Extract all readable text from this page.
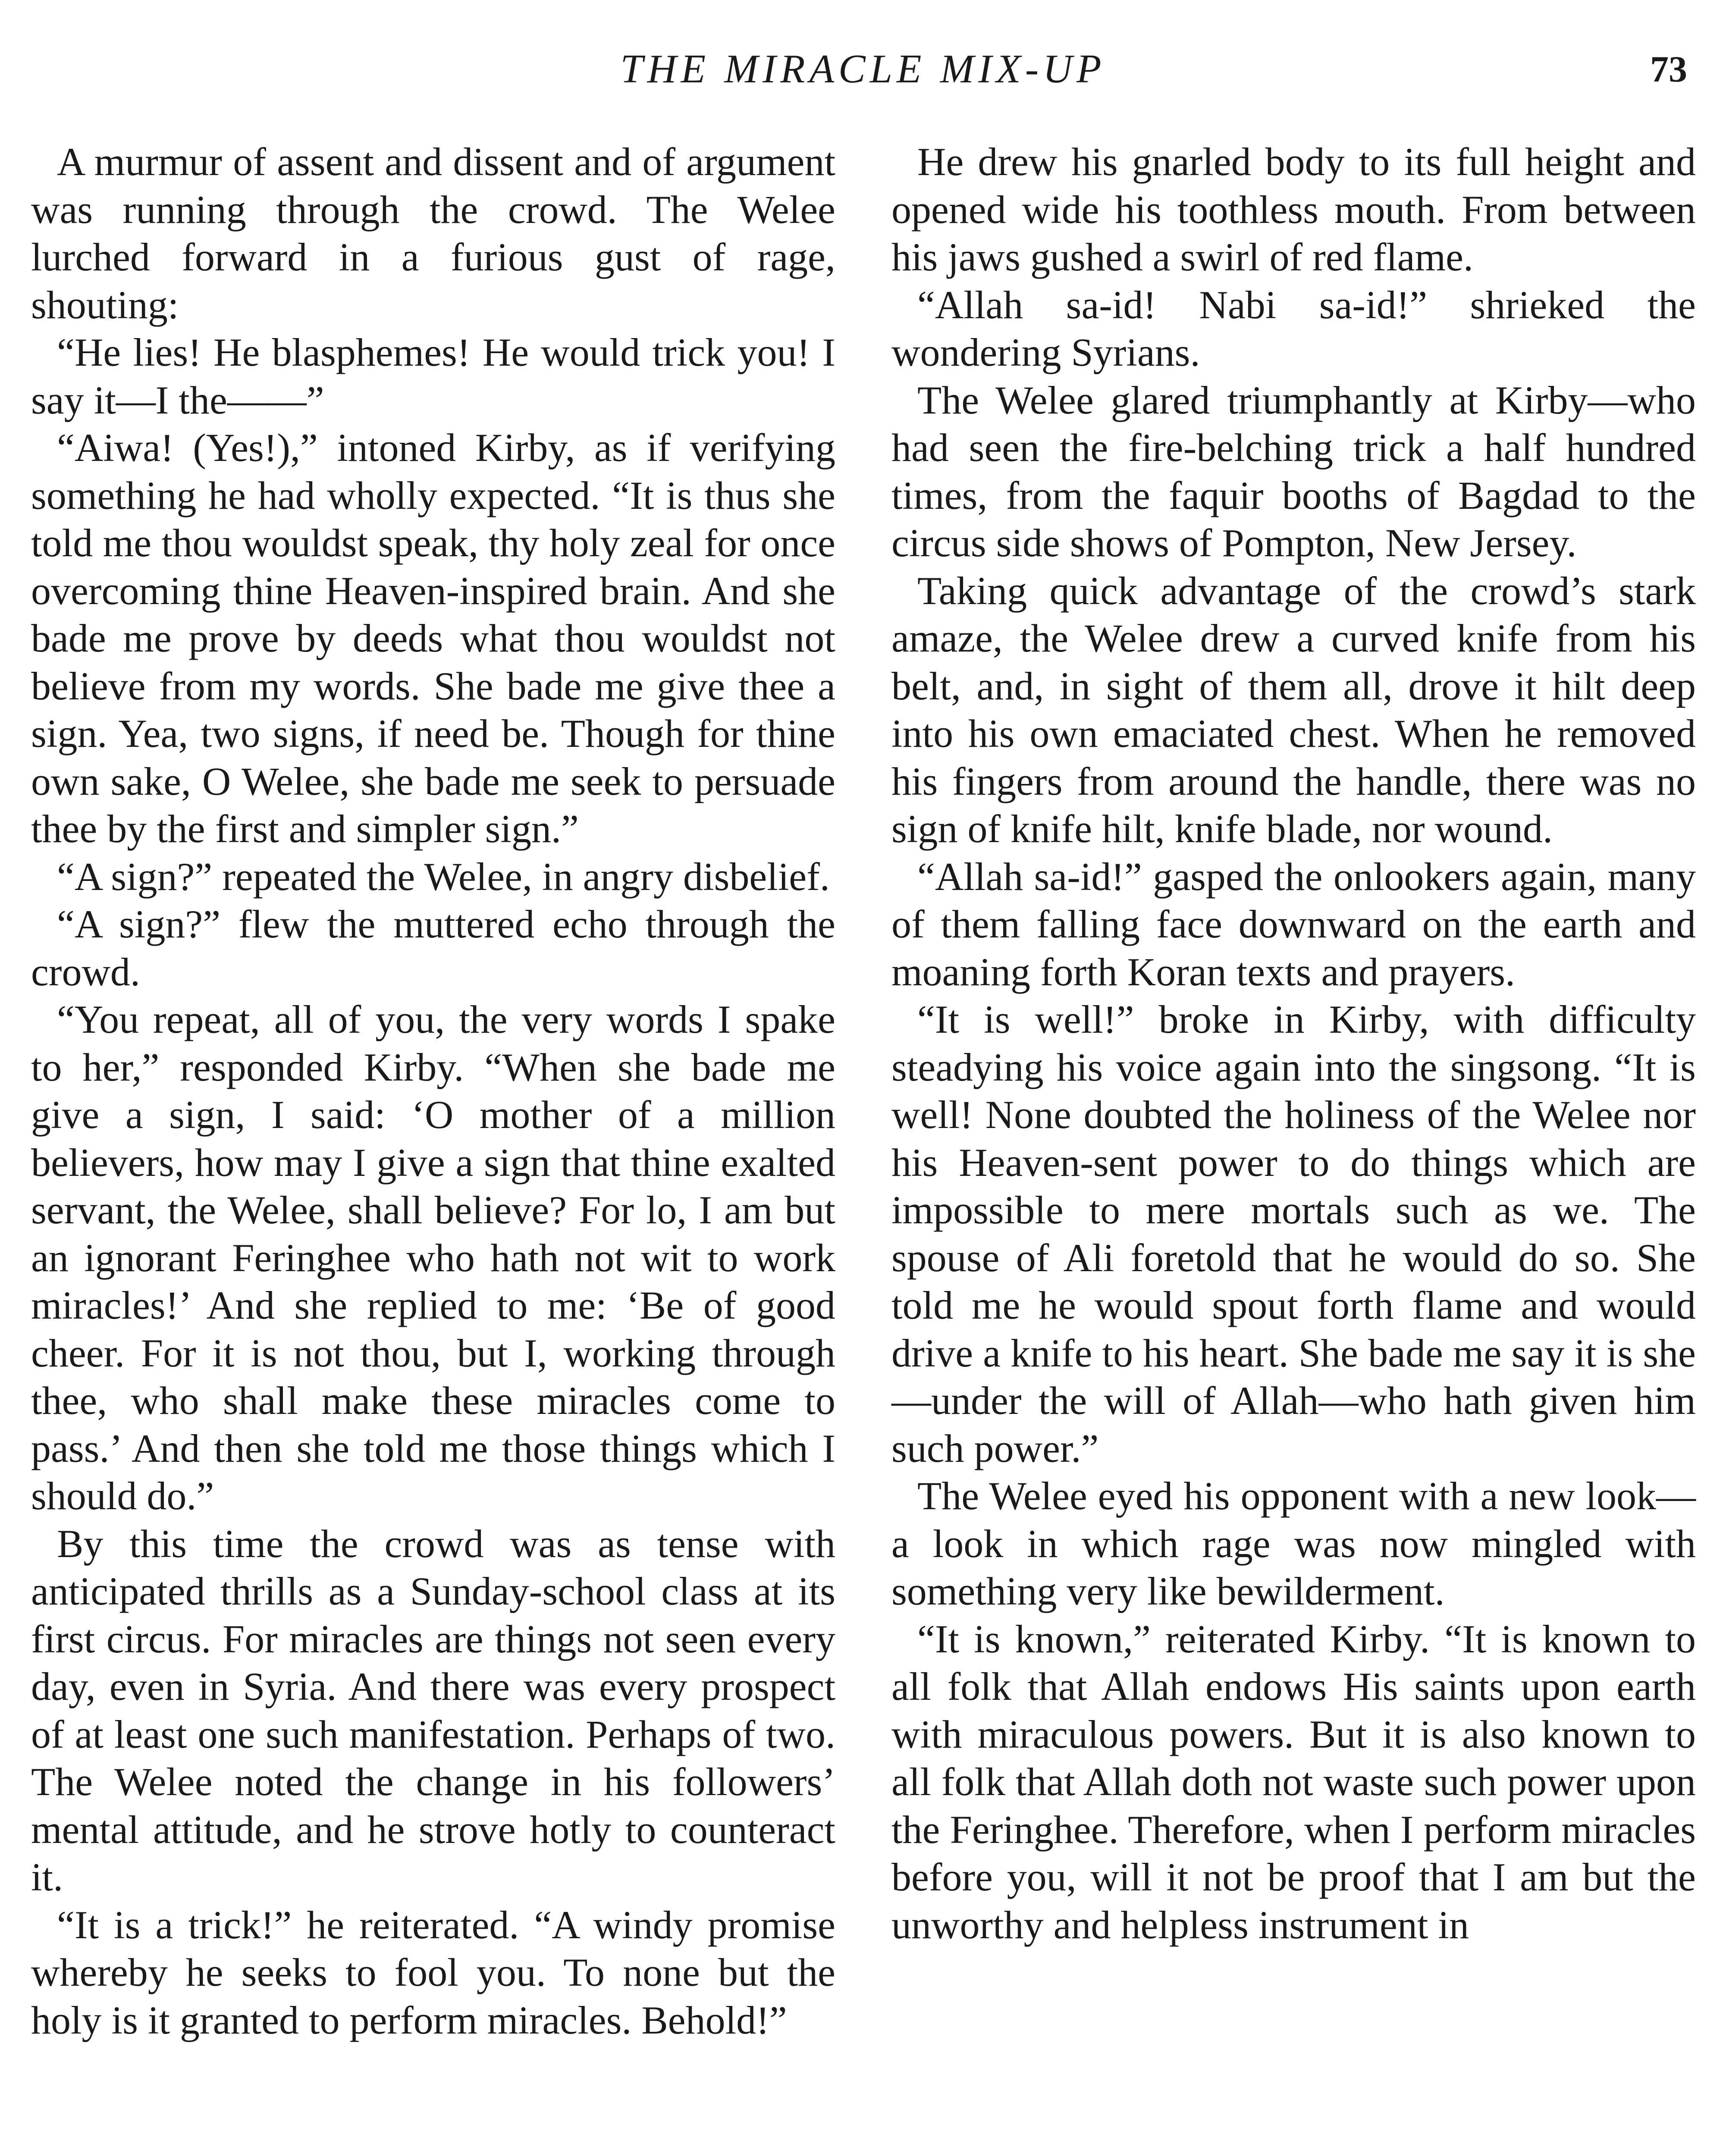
THE MIRACLE MIX-UP	73

A murmur of assent and dissent and of argument was running through the crowd. The Welee lurched forward in a furious gust of rage, shouting:

“He lies! He blasphemes! He would trick you! I say it—I the——”

“Aiwa! (Yes!),” intoned Kirby, as if verifying something he had wholly expected. “It is thus she told me thou wouldst speak, thy holy zeal for once overcoming thine Heaven-inspired brain. And she bade me prove by deeds what thou wouldst not believe from my words. She bade me give thee a sign. Yea, two signs, if need be. Though for thine own sake, O Welee, she bade me seek to persuade thee by the first and simpler sign.”

“A sign?” repeated the Welee, in angry disbelief.

“A sign?” flew the muttered echo through the crowd.

“You repeat, all of you, the very words I spake to her,” responded Kirby. “When she bade me give a sign, I said: ‘O mother of a million believers, how may I give a sign that thine exalted servant, the Welee, shall believe? For lo, I am but an ignorant Feringhee who hath not wit to work miracles!’ And she replied to me: ‘Be of good cheer. For it is not thou, but I, working through thee, who shall make these miracles come to pass.’ And then she told me those things which I should do.”

By this time the crowd was as tense with anticipated thrills as a Sunday-school class at its first circus. For miracles are things not seen every day, even in Syria. And there was every prospect of at least one such manifestation. Perhaps of two. The Welee noted the change in his followers’ mental attitude, and he strove hotly to counteract it.

“It is a trick!” he reiterated. “A windy promise whereby he seeks to fool you. To none but the holy is it granted to perform miracles. Behold!”

He drew his gnarled body to its full height and opened wide his toothless mouth. From between his jaws gushed a swirl of red flame.

“Allah sa-id! Nabi sa-id!” shrieked the wondering Syrians.

The Welee glared triumphantly at Kirby—who had seen the fire-belching trick a half hundred times, from the faquir booths of Bagdad to the circus side shows of Pompton, New Jersey.

Taking quick advantage of the crowd’s stark amaze, the Welee drew a curved knife from his belt, and, in sight of them all, drove it hilt deep into his own emaciated chest. When he removed his fingers from around the handle, there was no sign of knife hilt, knife blade, nor wound.

“Allah sa-id!” gasped the onlookers again, many of them falling face downward on the earth and moaning forth Koran texts and prayers.

“It is well!” broke in Kirby, with difficulty steadying his voice again into the singsong. “It is well! None doubted the holiness of the Welee nor his Heaven-sent power to do things which are impossible to mere mortals such as we. The spouse of Ali foretold that he would do so. She told me he would spout forth flame and would drive a knife to his heart. She bade me say it is she—under the will of Allah—who hath given him such power.”

The Welee eyed his opponent with a new look—a look in which rage was now mingled with something very like bewilderment.

“It is known,” reiterated Kirby. “It is known to all folk that Allah endows His saints upon earth with miraculous powers. But it is also known to all folk that Allah doth not waste such power upon the Feringhee. Therefore, when I perform miracles before you, will it not be proof that I am but the unworthy and helpless instrument in
